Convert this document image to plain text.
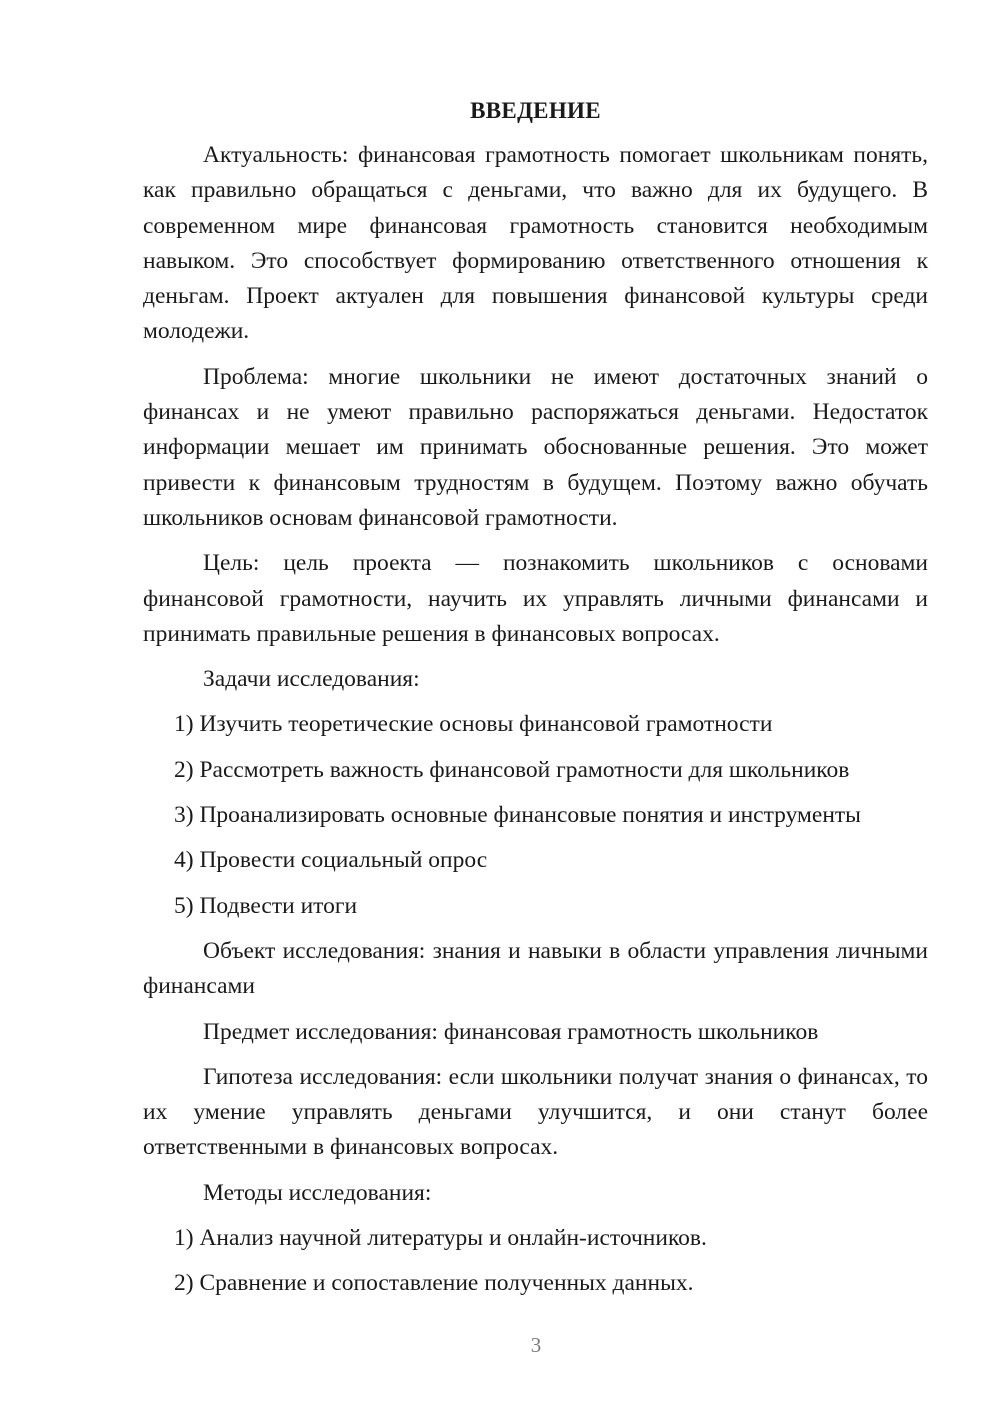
ВВЕДЕНИЕ

Актуальность: финансовая грамотность помогает школьникам понять, как правильно обращаться с деньгами, что важно для их будущего. В современном мире финансовая грамотность становится необходимым навыком. Это способствует формированию ответственного отношения к деньгам. Проект актуален для повышения финансовой культуры среди молодежи.

Проблема: многие школьники не имеют достаточных знаний о финансах и не умеют правильно распоряжаться деньгами. Недостаток информации мешает им принимать обоснованные решения. Это может привести к финансовым трудностям в будущем. Поэтому важно обучать школьников основам финансовой грамотности.

Цель: цель проекта — познакомить школьников с основами финансовой грамотности, научить их управлять личными финансами и принимать правильные решения в финансовых вопросах.

Задачи исследования:

1) Изучить теоретические основы финансовой грамотности

2) Рассмотреть важность финансовой грамотности для школьников

3) Проанализировать основные финансовые понятия и инструменты

4) Провести социальный опрос

5) Подвести итоги

Объект исследования: знания и навыки в области управления личными финансами

Предмет исследования: финансовая грамотность школьников

Гипотеза исследования: если школьники получат знания о финансах, то их умение управлять деньгами улучшится, и они станут более ответственными в финансовых вопросах.

Методы исследования:

1) Анализ научной литературы и онлайн-источников.

2) Сравнение и сопоставление полученных данных.

3
